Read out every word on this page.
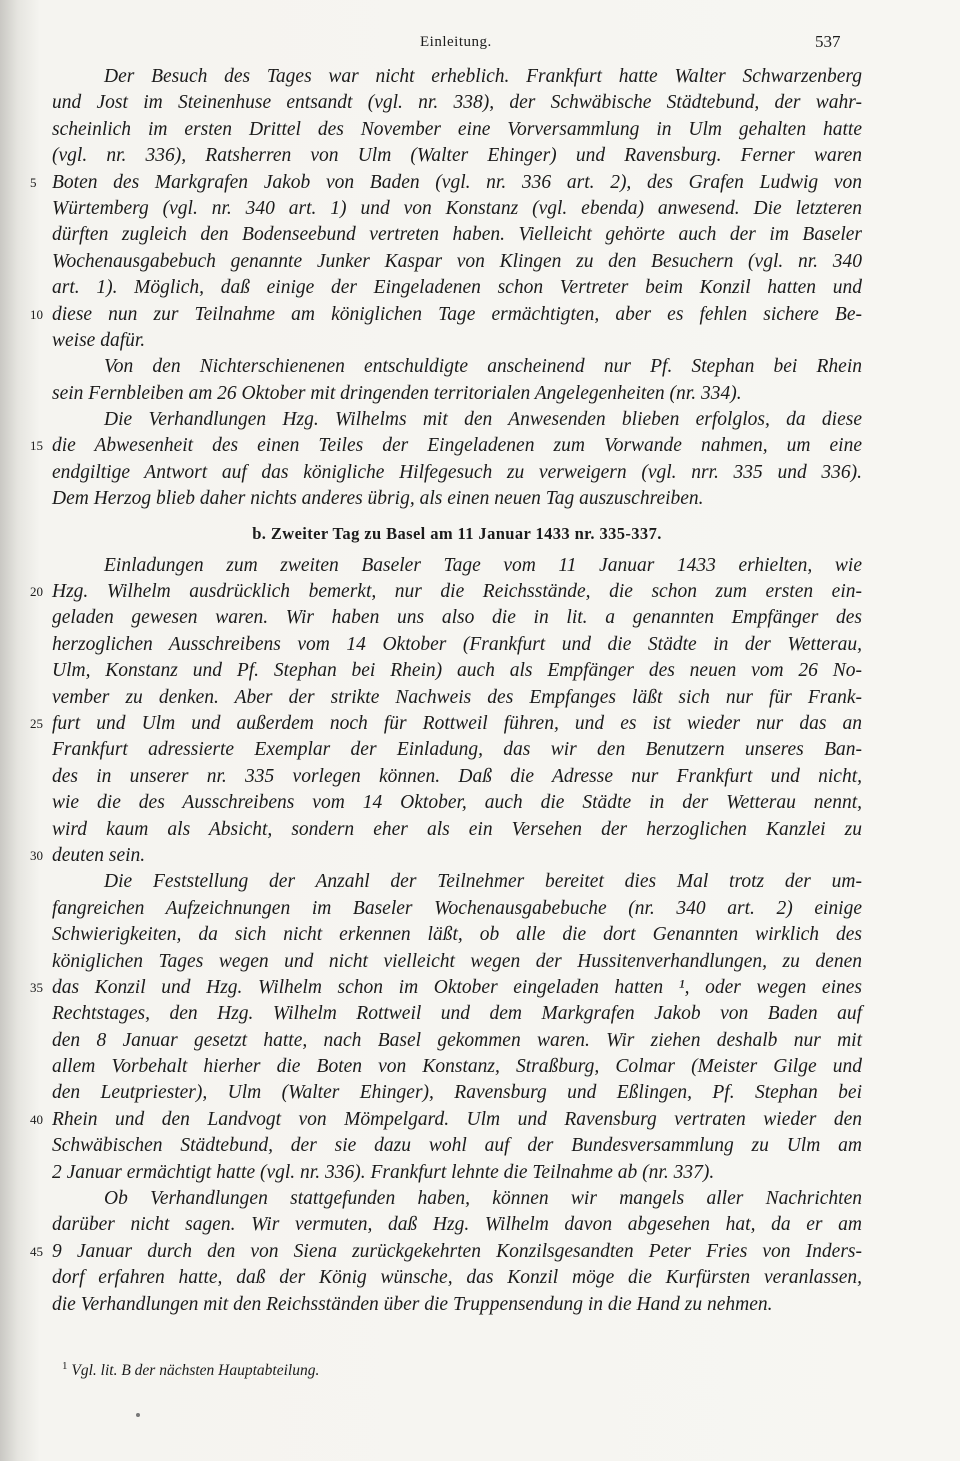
Einleitung.	537
Der Besuch des Tages war nicht erheblich. Frankfurt hatte Walter Schwarzenberg
und Jost im Steinenhuse entsandt (vgl. nr. 338), der Schwäbische Städtebund, der wahr-
scheinlich im ersten Drittel des November eine Vorversammlung in Ulm gehalten hatte
(vgl. nr. 336), Ratsherren von Ulm (Walter Ehinger) und Ravensburg. Ferner waren
5 Boten des Markgrafen Jakob von Baden (vgl. nr. 336 art. 2), des Grafen Ludwig von
Würtemberg (vgl. nr. 340 art. 1) und von Konstanz (vgl. ebenda) anwesend. Die letzteren
dürften zugleich den Bodenseebund vertreten haben. Vielleicht gehörte auch der im Baseler
Wochenausgabebuch genannte Junker Kaspar von Klingen zu den Besuchern (vgl. nr. 340
art. 1). Möglich, daß einige der Eingeladenen schon Vertreter beim Konzil hatten und
10 diese nun zur Teilnahme am königlichen Tage ermächtigten, aber es fehlen sichere Be-
weise dafür.
Von den Nichterschienenen entschuldigte anscheinend nur Pf. Stephan bei Rhein
sein Fernbleiben am 26 Oktober mit dringenden territorialen Angelegenheiten (nr. 334).
Die Verhandlungen Hzg. Wilhelms mit den Anwesenden blieben erfolglos, da diese
15 die Abwesenheit des einen Teiles der Eingeladenen zum Vorwande nahmen, um eine
endgiltige Antwort auf das königliche Hilfegesuch zu verweigern (vgl. nrr. 335 und 336).
Dem Herzog blieb daher nichts anderes übrig, als einen neuen Tag auszuschreiben.
b. Zweiter Tag zu Basel am 11 Januar 1433 nr. 335-337.
Einladungen zum zweiten Baseler Tage vom 11 Januar 1433 erhielten, wie
20 Hzg. Wilhelm ausdrücklich bemerkt, nur die Reichsstände, die schon zum ersten ein-
geladen gewesen waren. Wir haben uns also die in lit. a genannten Empfänger des
herzoglichen Ausschreibens vom 14 Oktober (Frankfurt und die Städte in der Wetterau,
Ulm, Konstanz und Pf. Stephan bei Rhein) auch als Empfänger des neuen vom 26 No-
vember zu denken. Aber der strikte Nachweis des Empfanges läßt sich nur für Frank-
25 furt und Ulm und außerdem noch für Rottweil führen, und es ist wieder nur das an
Frankfurt adressierte Exemplar der Einladung, das wir den Benutzern unseres Ban-
des in unserer nr. 335 vorlegen können. Daß die Adresse nur Frankfurt und nicht,
wie die des Ausschreibens vom 14 Oktober, auch die Städte in der Wetterau nennt,
wird kaum als Absicht, sondern eher als ein Versehen der herzoglichen Kanzlei zu
30 deuten sein.
Die Feststellung der Anzahl der Teilnehmer bereitet dies Mal trotz der um-
fangreichen Aufzeichnungen im Baseler Wochenausgabebuche (nr. 340 art. 2) einige
Schwierigkeiten, da sich nicht erkennen läßt, ob alle die dort Genannten wirklich des
königlichen Tages wegen und nicht vielleicht wegen der Hussitenverhandlungen, zu denen
35 das Konzil und Hzg. Wilhelm schon im Oktober eingeladen hatten ¹, oder wegen eines
Rechtstages, den Hzg. Wilhelm Rottweil und dem Markgrafen Jakob von Baden auf
den 8 Januar gesetzt hatte, nach Basel gekommen waren. Wir ziehen deshalb nur mit
allem Vorbehalt hierher die Boten von Konstanz, Straßburg, Colmar (Meister Gilge und
den Leutpriester), Ulm (Walter Ehinger), Ravensburg und Eßlingen, Pf. Stephan bei
40 Rhein und den Landvogt von Mömpelgard. Ulm und Ravensburg vertraten wieder den
Schwäbischen Städtebund, der sie dazu wohl auf der Bundesversammlung zu Ulm am
2 Januar ermächtigt hatte (vgl. nr. 336). Frankfurt lehnte die Teilnahme ab (nr. 337).
Ob Verhandlungen stattgefunden haben, können wir mangels aller Nachrichten
darüber nicht sagen. Wir vermuten, daß Hzg. Wilhelm davon abgesehen hat, da er am
45 9 Januar durch den von Siena zurückgekehrten Konzilsgesandten Peter Fries von Inders-
dorf erfahren hatte, daß der König wünsche, das Konzil möge die Kurfürsten veranlassen,
die Verhandlungen mit den Reichsständen über die Truppensendung in die Hand zu nehmen.
$^1$ Vgl. lit. B der nächsten Hauptabteilung.
